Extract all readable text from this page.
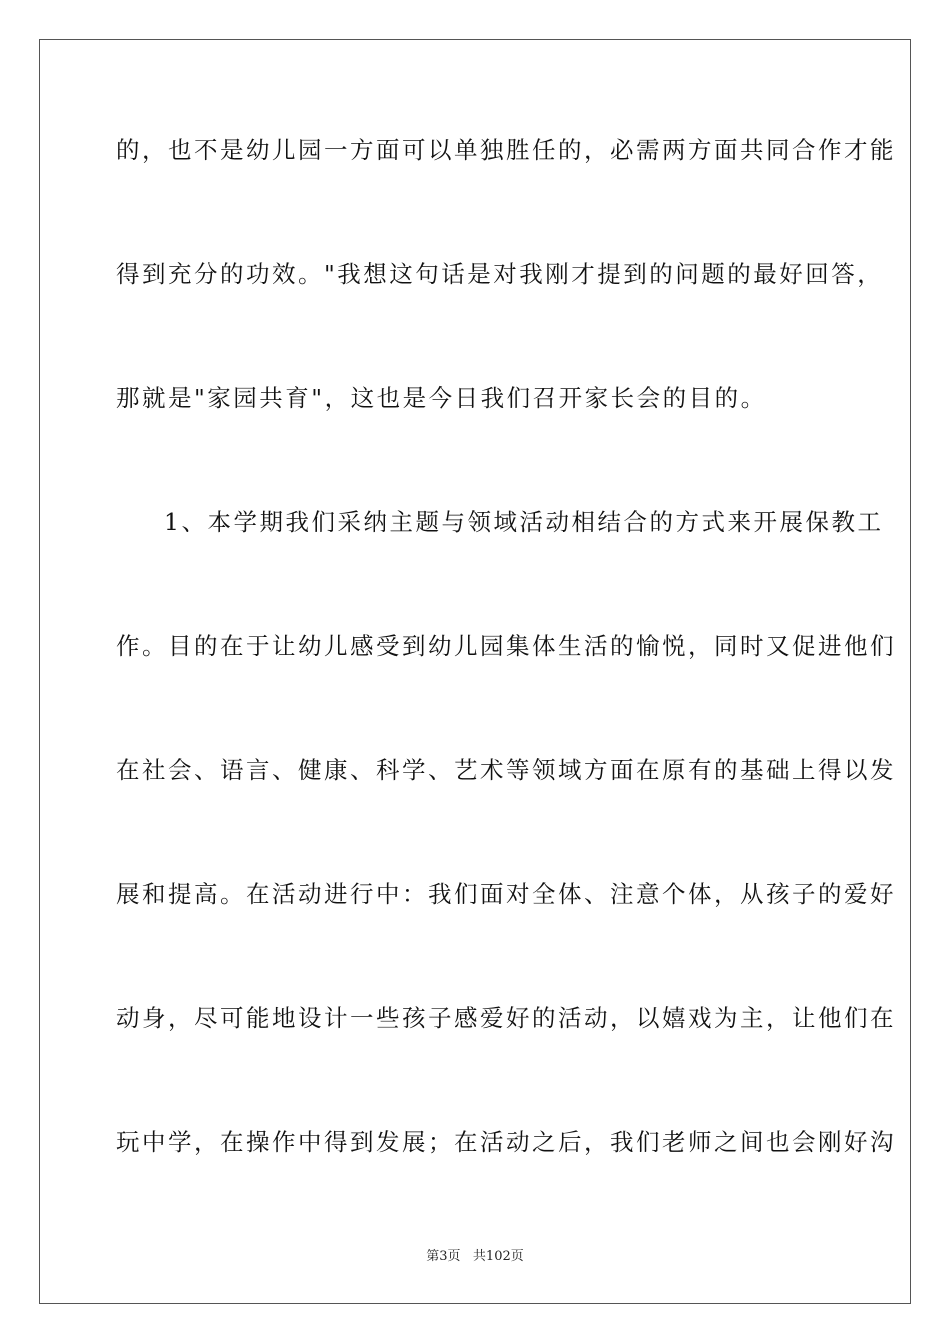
的，也不是幼儿园一方面可以单独胜任的，必需两方面共同合作才能
得到充分的功效。"我想这句话是对我刚才提到的问题的最好回答，
那就是"家园共育"，这也是今日我们召开家长会的目的。
1、本学期我们采纳主题与领域活动相结合的方式来开展保教工
作。目的在于让幼儿感受到幼儿园集体生活的愉悦，同时又促进他们
在社会、语言、健康、科学、艺术等领域方面在原有的基础上得以发
展和提高。在活动进行中：我们面对全体、注意个体，从孩子的爱好
动身，尽可能地设计一些孩子感爱好的活动，以嬉戏为主，让他们在
玩中学，在操作中得到发展；在活动之后，我们老师之间也会刚好沟
第3页 共102页
